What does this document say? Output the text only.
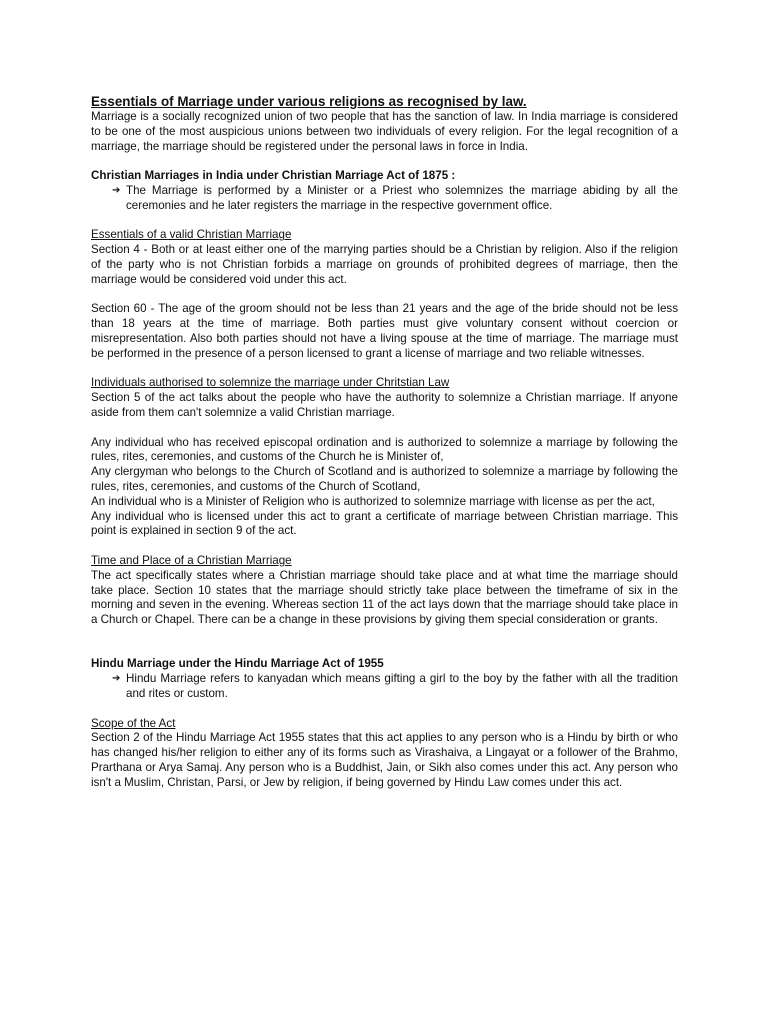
Essentials of Marriage under various religions as recognised by law.

Marriage is a socially recognized union of two people that has the sanction of law. In India marriage is considered to be one of the most auspicious unions between two individuals of every religion. For the legal recognition of a marriage, the marriage should be registered under the personal laws in force in India.

Christian Marriages in India under Christian Marriage Act of 1875 :

➔ The Marriage is performed by a Minister or a Priest who solemnizes the marriage abiding by all the ceremonies and he later registers the marriage in the respective government office.

Essentials of a valid Christian Marriage

Section 4 - Both or at least either one of the marrying parties should be a Christian by religion. Also if the religion of the party who is not Christian forbids a marriage on grounds of prohibited degrees of marriage, then the marriage would be considered void under this act.

Section 60 - The age of the groom should not be less than 21 years and the age of the bride should not be less than 18 years at the time of marriage. Both parties must give voluntary consent without coercion or misrepresentation. Also both parties should not have a living spouse at the time of marriage. The marriage must be performed in the presence of a person licensed to grant a license of marriage and two reliable witnesses.

Individuals authorised to solemnize the marriage under Chritstian Law

Section 5 of the act talks about the people who have the authority to solemnize a Christian marriage. If anyone aside from them can't solemnize a valid Christian marriage.

Any individual who has received episcopal ordination and is authorized to solemnize a marriage by following the rules, rites, ceremonies, and customs of the Church he is Minister of,

Any clergyman who belongs to the Church of Scotland and is authorized to solemnize a marriage by following the rules, rites, ceremonies, and customs of the Church of Scotland,

An individual who is a Minister of Religion who is authorized to solemnize marriage with license as per the act,

Any individual who is licensed under this act to grant a certificate of marriage between Christian marriage. This point is explained in section 9 of the act.

Time and Place of a Christian Marriage

The act specifically states where a Christian marriage should take place and at what time the marriage should take place. Section 10 states that the marriage should strictly take place between the timeframe of six in the morning and seven in the evening. Whereas section 11 of the act lays down that the marriage should take place in a Church or Chapel. There can be a change in these provisions by giving them special consideration or grants.

Hindu Marriage under the Hindu Marriage Act of 1955

➔ Hindu Marriage refers to kanyadan which means gifting a girl to the boy by the father with all the tradition and rites or custom.

Scope of the Act

Section 2 of the Hindu Marriage Act 1955 states that this act applies to any person who is a Hindu by birth or who has changed his/her religion to either any of its forms such as Virashaiva, a Lingayat or a follower of the Brahmo, Prarthana or Arya Samaj. Any person who is a Buddhist, Jain, or Sikh also comes under this act. Any person who isn't a Muslim, Christan, Parsi, or Jew by religion, if being governed by Hindu Law comes under this act.
